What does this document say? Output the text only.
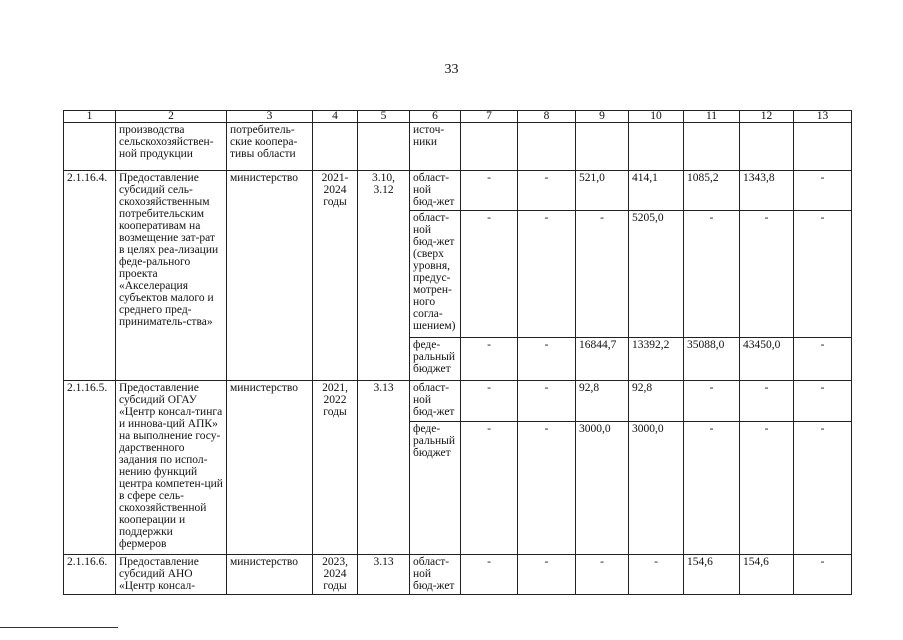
33
1	2	3	4	5	6	7	8	9	10	11	12	13
	производства сельскохозяйствен-ной продукции	потребитель-ские коопера-тивы области			источ-ники							
2.1.16.4.	Предоставление субсидий сель-скохозяйственным потребительским кооперативам на возмещение зат-рат в целях реа-лизации феде-рального проекта «Акселерация субъектов малого и среднего пред-приниматель-ства»	министерство	2021-2024 годы	3.10, 3.12	област-ной бюд-жет	-	-	521,0	414,1	1085,2	1343,8	-
					област-ной бюд-жет (сверх уровня, предус-мотрен-ного согла-шением)	-	-	-	5205,0	-	-	-
					феде-ральный бюджет	-	-	16844,7	13392,2	35088,0	43450,0	-
2.1.16.5.	Предоставление субсидий ОГАУ «Центр консал-тинга и иннова-ций АПК» на выполнение госу-дарственного задания по испол-нению функций центра компетен-ций в сфере сель-скохозяйственной кооперации и поддержки фермеров	министерство	2021, 2022 годы	3.13	област-ной бюд-жет	-	-	92,8	92,8	-	-	-
					феде-ральный бюджет	-	-	3000,0	3000,0	-	-	-
2.1.16.6.	Предоставление субсидий АНО «Центр консал-	министерство	2023, 2024 годы	3.13	област-ной бюд-жет	-	-	-	-	154,6	154,6	-
